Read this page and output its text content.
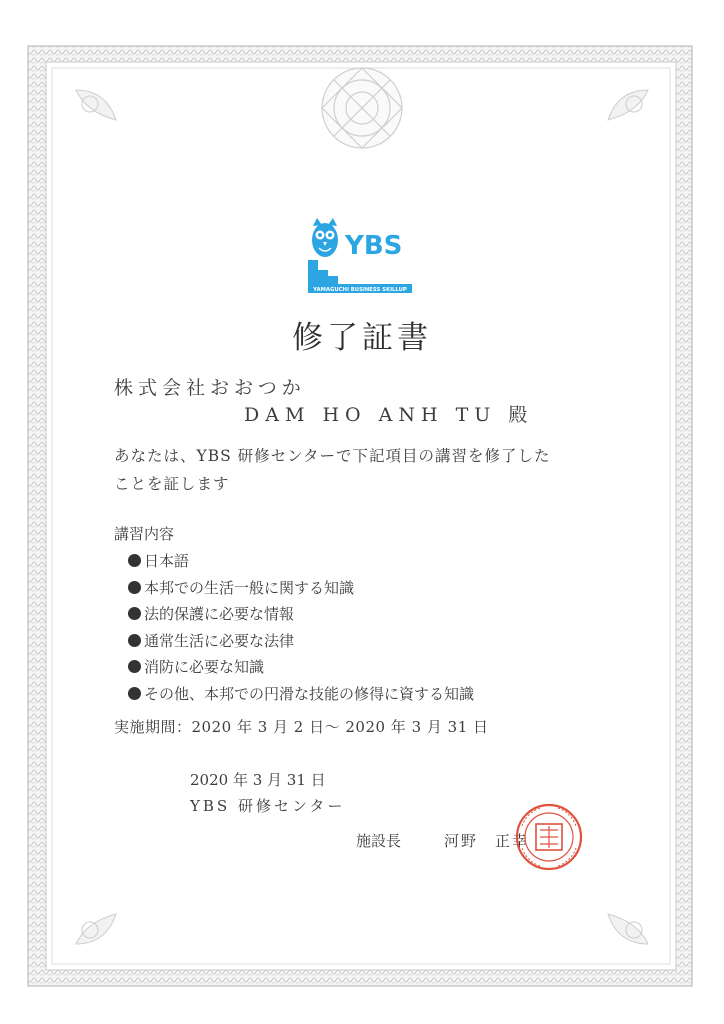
YBS
YAMAGUCHI BUSINESS SKILLUP
修了証書
株式会社おおつか
DAM HO ANH TU 殿
あなたは、YBS 研修センターで下記項目の講習を修了した
ことを証します
講習内容
日本語
本邦での生活一般に関する知識
法的保護に必要な情報
通常生活に必要な法律
消防に必要な知識
その他、本邦での円滑な技能の修得に資する知識
実施期間：2020 年 3 月 2 日～ 2020 年 3 月 31 日
2020 年 3 月 31 日
YBS 研修センター
施設長	河野　正幸
